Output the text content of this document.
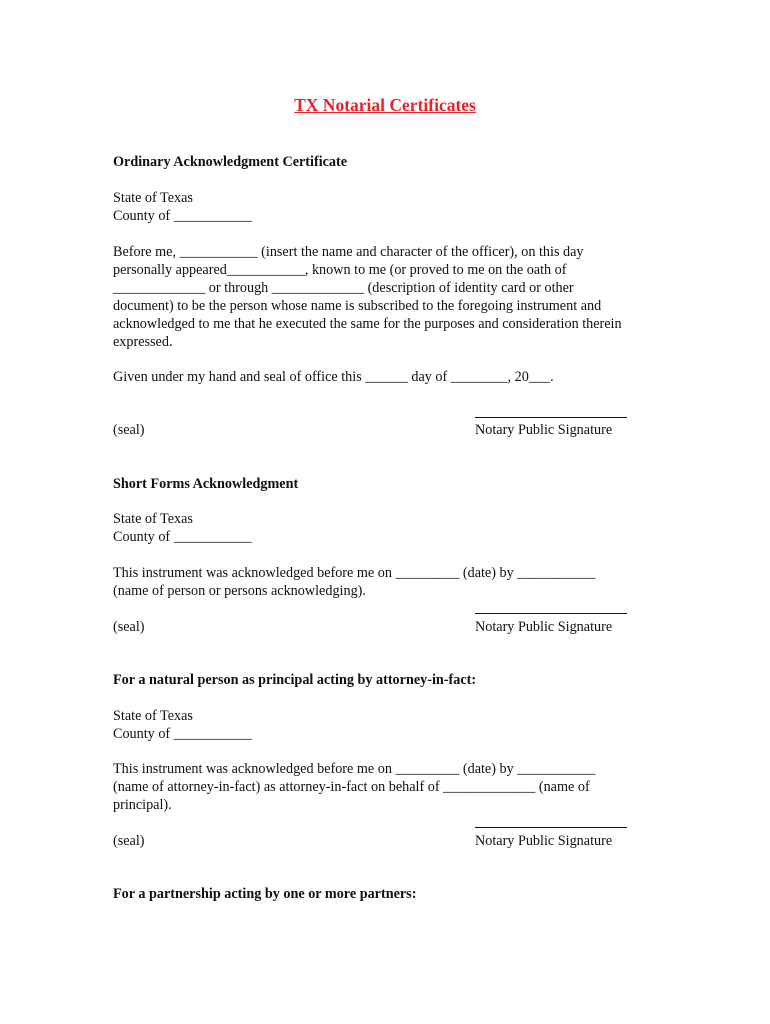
TX Notarial Certificates
Ordinary Acknowledgment Certificate
State of Texas
County of ___________
Before me, ___________ (insert the name and character of the officer), on this day
personally appeared___________, known to me (or proved to me on the oath of
_____________ or through _____________ (description of identity card or other
document) to be the person whose name is subscribed to the foregoing instrument and
acknowledged to me that he executed the same for the purposes and consideration therein
expressed.
Given under my hand and seal of office this ______ day of ________, 20___.
(seal)	Notary Public Signature
Short Forms Acknowledgment
State of Texas
County of ___________
This instrument was acknowledged before me on _________ (date) by ___________
(name of person or persons acknowledging).
(seal)	Notary Public Signature
For a natural person as principal acting by attorney-in-fact:
State of Texas
County of ___________
This instrument was acknowledged before me on _________ (date) by ___________
(name of attorney-in-fact) as attorney-in-fact on behalf of _____________ (name of
principal).
(seal)	Notary Public Signature
For a partnership acting by one or more partners:
